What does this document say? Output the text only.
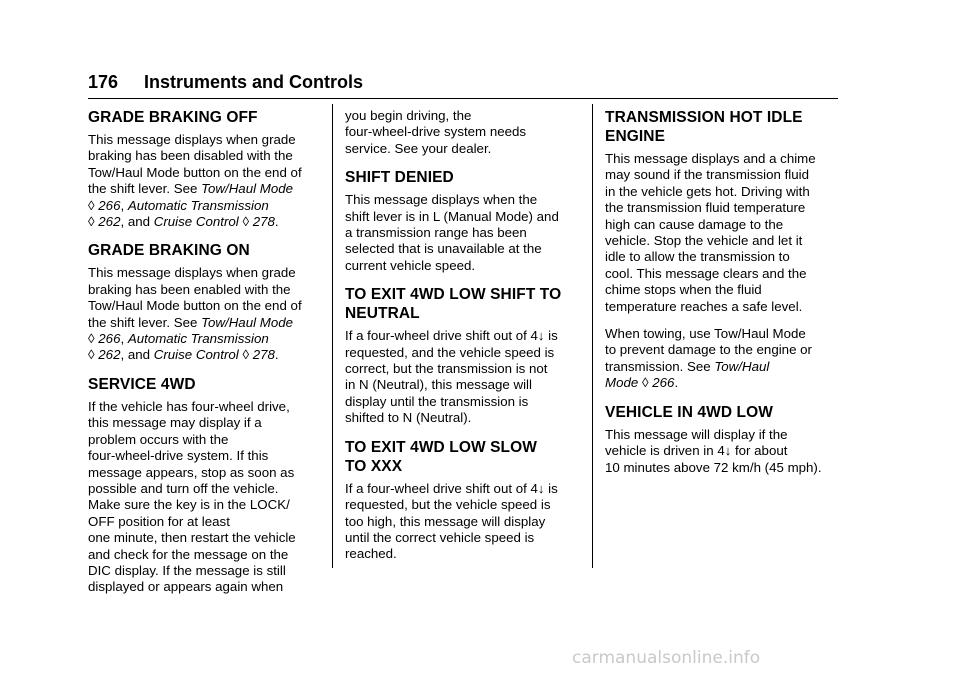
176 Instruments and Controls
GRADE BRAKING OFF

This message displays when grade
braking has been disabled with the
Tow/Haul Mode button on the end of
the shift lever. See Tow/Haul Mode
◊ 266, Automatic Transmission
◊ 262, and Cruise Control ◊ 278.

GRADE BRAKING ON

This message displays when grade
braking has been enabled with the
Tow/Haul Mode button on the end of
the shift lever. See Tow/Haul Mode
◊ 266, Automatic Transmission
◊ 262, and Cruise Control ◊ 278.

SERVICE 4WD

If the vehicle has four-wheel drive,
this message may display if a
problem occurs with the
four-wheel-drive system. If this
message appears, stop as soon as
possible and turn off the vehicle.
Make sure the key is in the LOCK/
OFF position for at least
one minute, then restart the vehicle
and check for the message on the
DIC display. If the message is still
displayed or appears again when

you begin driving, the
four-wheel-drive system needs
service. See your dealer.

SHIFT DENIED

This message displays when the
shift lever is in L (Manual Mode) and
a transmission range has been
selected that is unavailable at the
current vehicle speed.

TO EXIT 4WD LOW SHIFT TO
NEUTRAL

If a four-wheel drive shift out of 4↓ is
requested, and the vehicle speed is
correct, but the transmission is not
in N (Neutral), this message will
display until the transmission is
shifted to N (Neutral).

TO EXIT 4WD LOW SLOW
TO XXX

If a four-wheel drive shift out of 4↓ is
requested, but the vehicle speed is
too high, this message will display
until the correct vehicle speed is
reached.

TRANSMISSION HOT IDLE
ENGINE

This message displays and a chime
may sound if the transmission fluid
in the vehicle gets hot. Driving with
the transmission fluid temperature
high can cause damage to the
vehicle. Stop the vehicle and let it
idle to allow the transmission to
cool. This message clears and the
chime stops when the fluid
temperature reaches a safe level.

When towing, use Tow/Haul Mode
to prevent damage to the engine or
transmission. See Tow/Haul
Mode ◊ 266.

VEHICLE IN 4WD LOW

This message will display if the
vehicle is driven in 4↓ for about
10 minutes above 72 km/h (45 mph).

carmanualsonline.info
